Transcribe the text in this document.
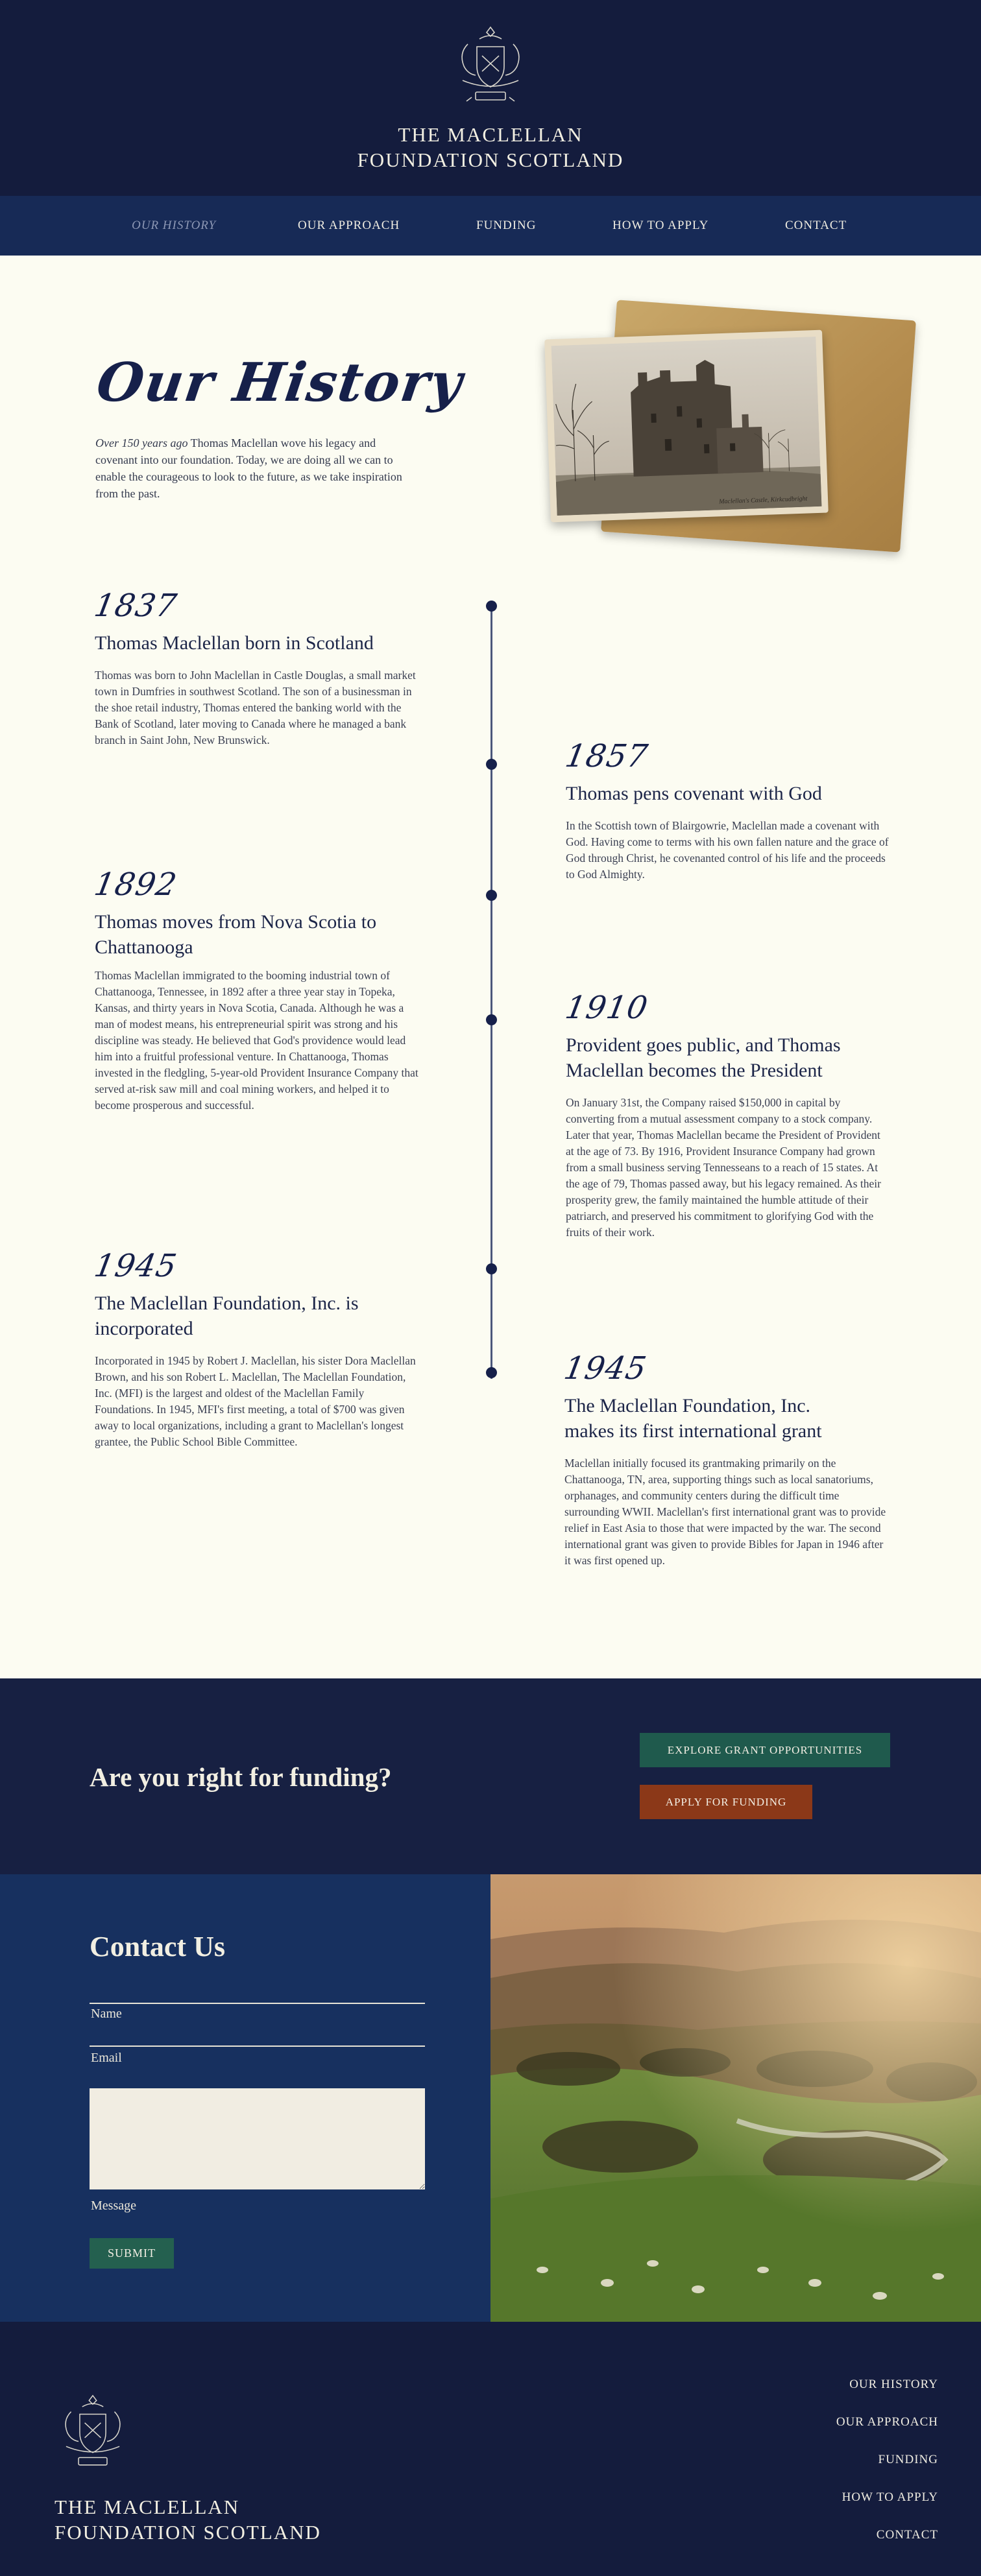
THE MACLELLAN
FOUNDATION SCOTLAND
OUR HISTORY	OUR APPROACH	FUNDING	HOW TO APPLY	CONTACT
Our History

Over 150 years ago Thomas Maclellan wove his legacy and covenant into our foundation. Today, we are doing all we can to enable the courageous to look to the future, as we take inspiration from the past.

Maclellan's Castle, Kirkcudbright
1837
Thomas Maclellan born in Scotland
Thomas was born to John Maclellan in Castle Douglas, a small market town in Dumfries in southwest Scotland. The son of a businessman in the shoe retail industry, Thomas entered the banking world with the Bank of Scotland, later moving to Canada where he managed a bank branch in Saint John, New Brunswick.	1857
Thomas pens covenant with God
In the Scottish town of Blairgowrie, Maclellan made a covenant with God. Having come to terms with his own fallen nature and the grace of God through Christ, he covenanted control of his life and the proceeds to God Almighty.
1892
Thomas moves from Nova Scotia to Chattanooga
Thomas Maclellan immigrated to the booming industrial town of Chattanooga, Tennessee, in 1892 after a three year stay in Topeka, Kansas, and thirty years in Nova Scotia, Canada. Although he was a man of modest means, his entrepreneurial spirit was strong and his discipline was steady. He believed that God's providence would lead him into a fruitful professional venture. In Chattanooga, Thomas invested in the fledgling, 5-year-old Provident Insurance Company that served at-risk saw mill and coal mining workers, and helped it to become prosperous and successful.
1910
Provident goes public, and Thomas Maclellan becomes the President
On January 31st, the Company raised $150,000 in capital by converting from a mutual assessment company to a stock company. Later that year, Thomas Maclellan became the President of Provident at the age of 73. By 1916, Provident Insurance Company had grown from a small business serving Tennesseans to a reach of 15 states. At the age of 79, Thomas passed away, but his legacy remained. As their prosperity grew, the family maintained the humble attitude of their patriarch, and preserved his commitment to glorifying God with the fruits of their work.
1945
The Maclellan Foundation, Inc. is incorporated
Incorporated in 1945 by Robert J. Maclellan, his sister Dora Maclellan Brown, and his son Robert L. Maclellan, The Maclellan Foundation, Inc. (MFI) is the largest and oldest of the Maclellan Family Foundations. In 1945, MFI's first meeting, a total of $700 was given away to local organizations, including a grant to Maclellan's longest grantee, the Public School Bible Committee.
1945
The Maclellan Foundation, Inc. makes its first international grant
Maclellan initially focused its grantmaking primarily on the Chattanooga, TN, area, supporting things such as local sanatoriums, orphanages, and community centers during the difficult time surrounding WWII. Maclellan's first international grant was to provide relief in East Asia to those that were impacted by the war. The second international grant was given to provide Bibles for Japan in 1946 after it was first opened up.
Are you right for funding?
EXPLORE GRANT OPPORTUNITIES
APPLY FOR FUNDING
Contact Us
Name
Email
Message
SUBMIT
THE MACLELLAN
FOUNDATION SCOTLAND
OUR HISTORY
OUR APPROACH
FUNDING
HOW TO APPLY
CONTACT
